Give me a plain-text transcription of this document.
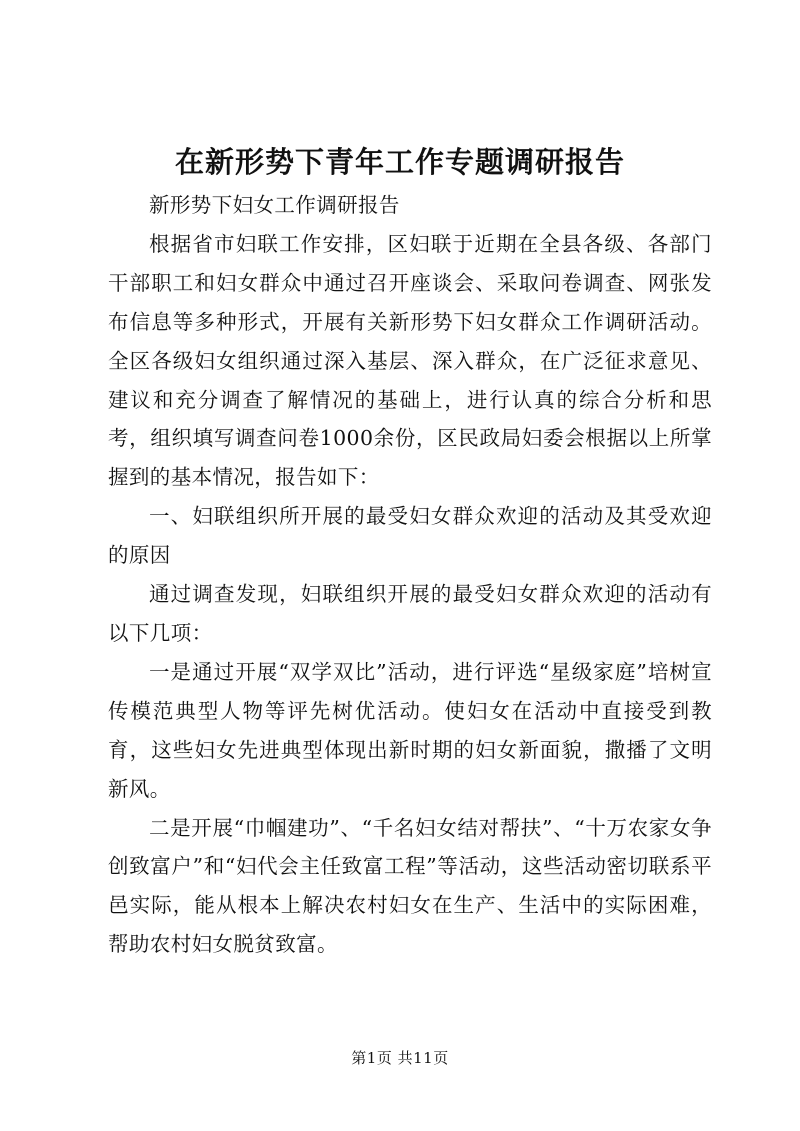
在新形势下青年工作专题调研报告

新形势下妇女工作调研报告

根据省市妇联工作安排，区妇联于近期在全县各级、各部门干部职工和妇女群众中通过召开座谈会、采取问卷调查、网张发布信息等多种形式，开展有关新形势下妇女群众工作调研活动。全区各级妇女组织通过深入基层、深入群众，在广泛征求意见、建议和充分调查了解情况的基础上，进行认真的综合分析和思考，组织填写调查问卷1000余份，区民政局妇委会根据以上所掌握到的基本情况，报告如下：

一、妇联组织所开展的最受妇女群众欢迎的活动及其受欢迎的原因

通过调查发现，妇联组织开展的最受妇女群众欢迎的活动有以下几项：

一是通过开展“双学双比”活动，进行评选“星级家庭”培树宣传模范典型人物等评先树优活动。使妇女在活动中直接受到教育，这些妇女先进典型体现出新时期的妇女新面貌，撒播了文明新风。

二是开展“巾帼建功”、“千名妇女结对帮扶”、“十万农家女争创致富户”和“妇代会主任致富工程”等活动，这些活动密切联系平邑实际，能从根本上解决农村妇女在生产、生活中的实际困难，帮助农村妇女脱贫致富。

第1页 共11页
